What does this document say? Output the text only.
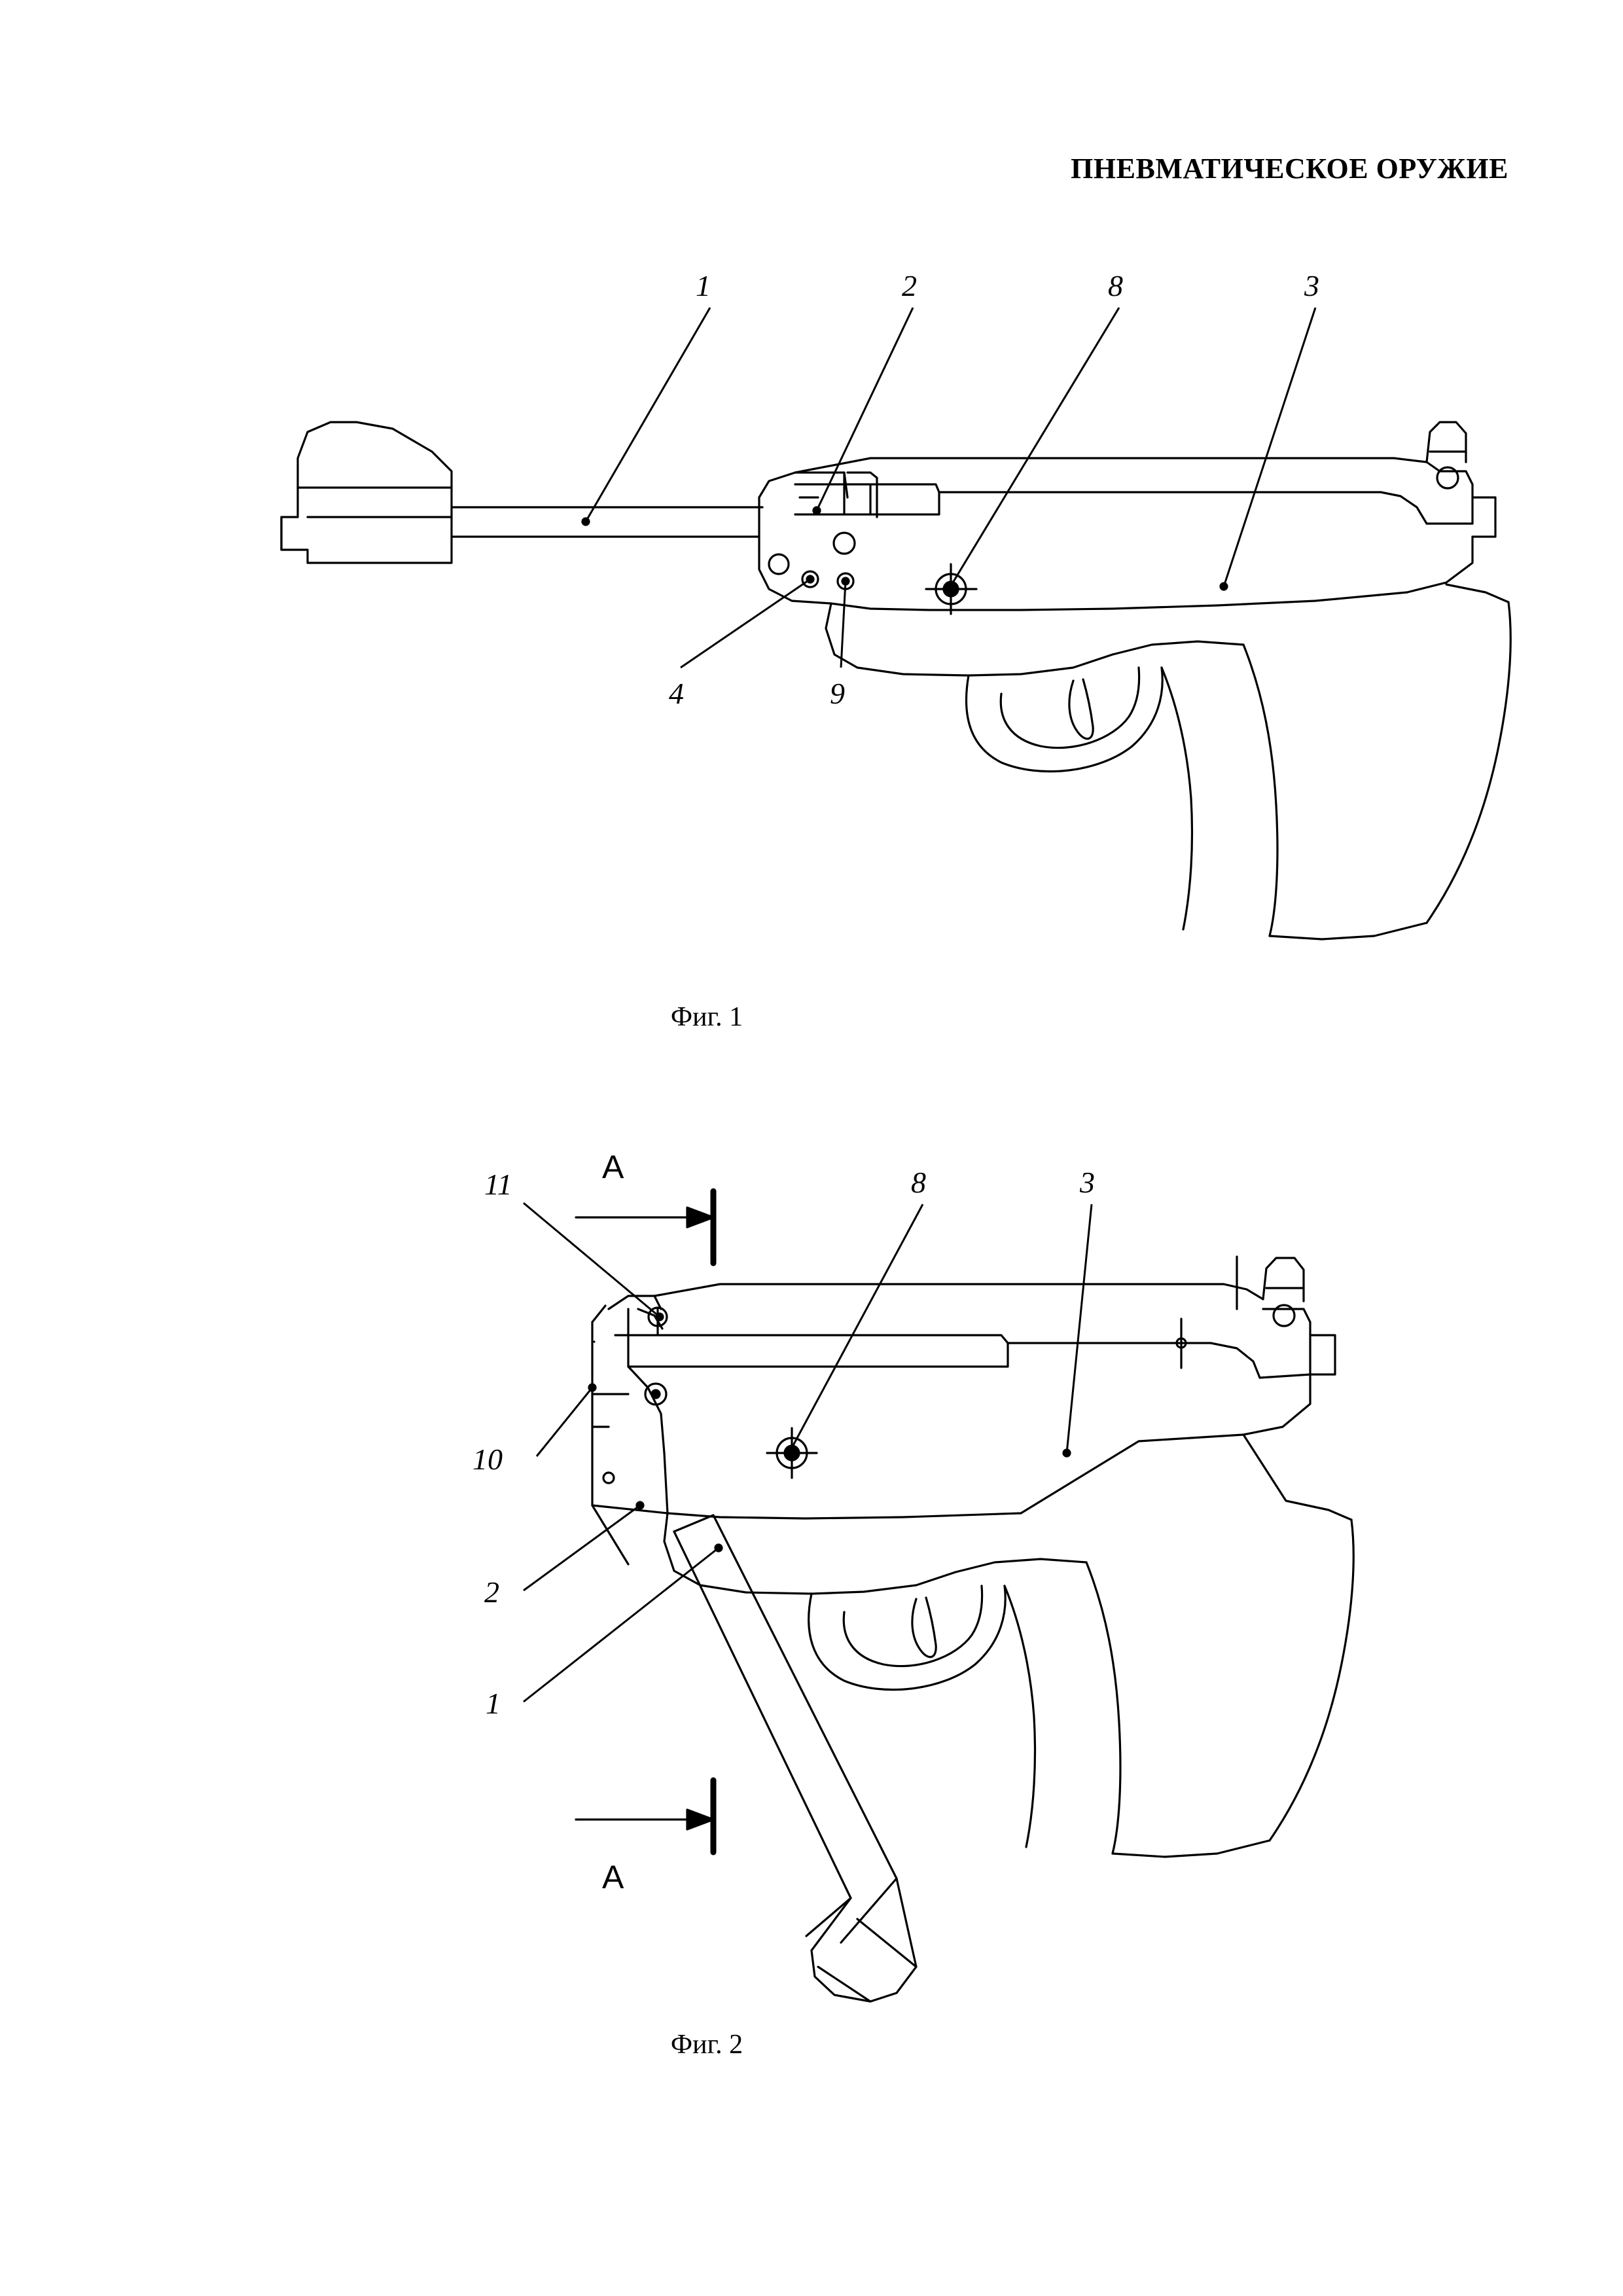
ПНЕВМАТИЧЕСКОЕ ОРУЖИЕ
1	2	8	3
4	9
Фиг. 1
11	8	3
10
2
1
A
A
Фиг. 2
